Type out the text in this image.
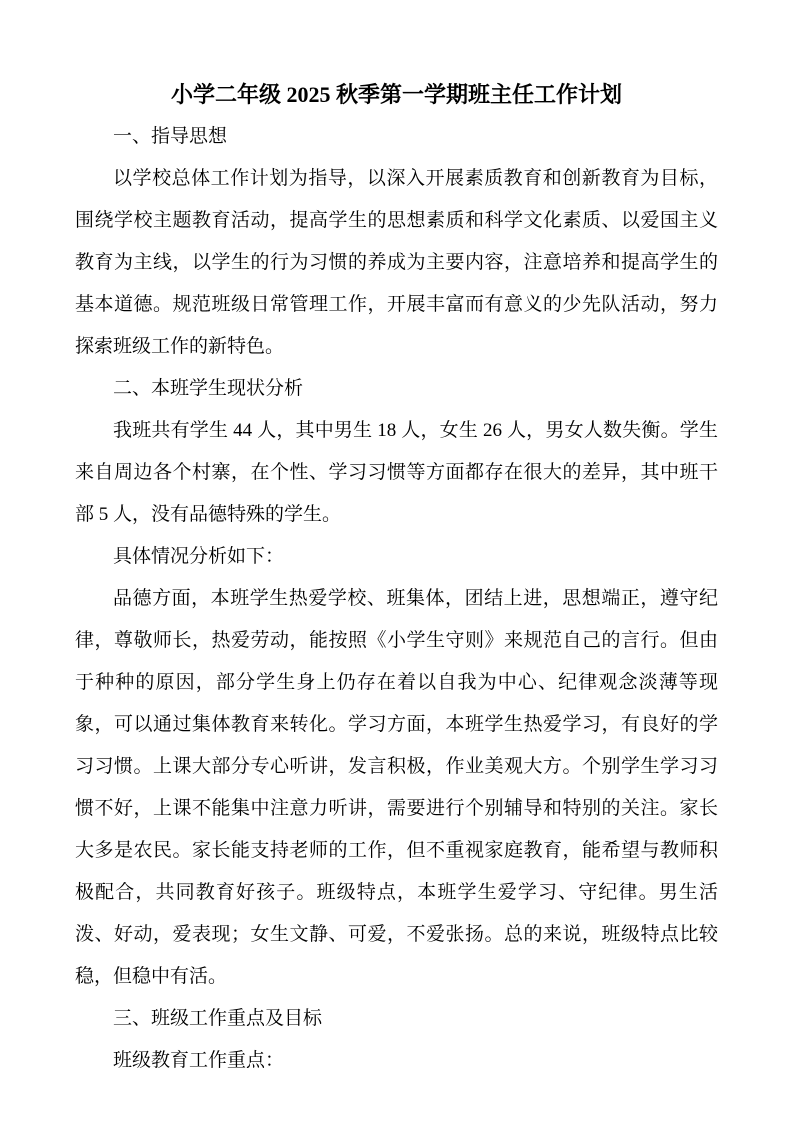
小学二年级 2025 秋季第一学期班主任工作计划

一、指导思想

以学校总体工作计划为指导，以深入开展素质教育和创新教育为目标，围绕学校主题教育活动，提高学生的思想素质和科学文化素质、以爱国主义教育为主线，以学生的行为习惯的养成为主要内容，注意培养和提高学生的基本道德。规范班级日常管理工作，开展丰富而有意义的少先队活动，努力探索班级工作的新特色。

二、本班学生现状分析

我班共有学生 44 人，其中男生 18 人，女生 26 人，男女人数失衡。学生来自周边各个村寨，在个性、学习习惯等方面都存在很大的差异，其中班干部 5 人，没有品德特殊的学生。

具体情况分析如下：

品德方面，本班学生热爱学校、班集体，团结上进，思想端正，遵守纪律，尊敬师长，热爱劳动，能按照《小学生守则》来规范自己的言行。但由于种种的原因，部分学生身上仍存在着以自我为中心、纪律观念淡薄等现象，可以通过集体教育来转化。学习方面，本班学生热爱学习，有良好的学习习惯。上课大部分专心听讲，发言积极，作业美观大方。个别学生学习习惯不好，上课不能集中注意力听讲，需要进行个别辅导和特别的关注。家长大多是农民。家长能支持老师的工作，但不重视家庭教育，能希望与教师积极配合，共同教育好孩子。班级特点，本班学生爱学习、守纪律。男生活泼、好动，爱表现；女生文静、可爱，不爱张扬。总的来说，班级特点比较稳，但稳中有活。

三、班级工作重点及目标

班级教育工作重点：
